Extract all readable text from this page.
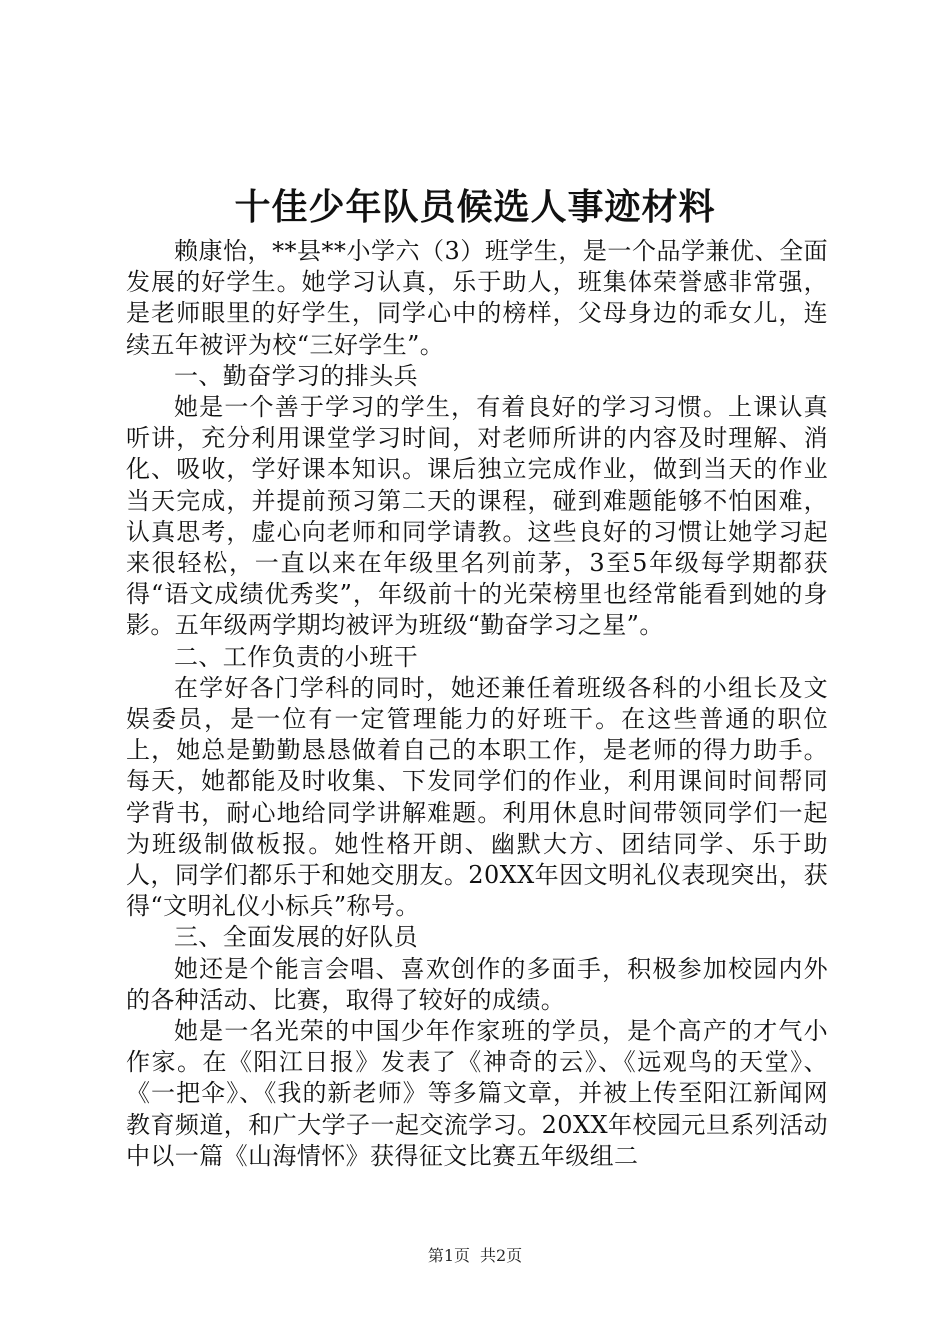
十佳少年队员候选人事迹材料

赖康怡，**县**小学六（3）班学生，是一个品学兼优、全面发展的好学生。她学习认真，乐于助人，班集体荣誉感非常强，是老师眼里的好学生，同学心中的榜样，父母身边的乖女儿，连续五年被评为校“三好学生”。

一、勤奋学习的排头兵

她是一个善于学习的学生，有着良好的学习习惯。上课认真听讲，充分利用课堂学习时间，对老师所讲的内容及时理解、消化、吸收，学好课本知识。课后独立完成作业，做到当天的作业当天完成，并提前预习第二天的课程，碰到难题能够不怕困难，认真思考，虚心向老师和同学请教。这些良好的习惯让她学习起来很轻松，一直以来在年级里名列前茅，3至5年级每学期都获得“语文成绩优秀奖”，年级前十的光荣榜里也经常能看到她的身影。五年级两学期均被评为班级“勤奋学习之星”。

二、工作负责的小班干

在学好各门学科的同时，她还兼任着班级各科的小组长及文娱委员，是一位有一定管理能力的好班干。在这些普通的职位上，她总是勤勤恳恳做着自己的本职工作，是老师的得力助手。每天，她都能及时收集、下发同学们的作业，利用课间时间帮同学背书，耐心地给同学讲解难题。利用休息时间带领同学们一起为班级制做板报。她性格开朗、幽默大方、团结同学、乐于助人，同学们都乐于和她交朋友。20XX年因文明礼仪表现突出，获得“文明礼仪小标兵”称号。

三、全面发展的好队员

她还是个能言会唱、喜欢创作的多面手，积极参加校园内外的各种活动、比赛，取得了较好的成绩。

她是一名光荣的中国少年作家班的学员，是个高产的才气小作家。在《阳江日报》发表了《神奇的云》、《远观鸟的天堂》、《一把伞》、《我的新老师》等多篇文章，并被上传至阳江新闻网教育频道，和广大学子一起交流学习。20XX年校园元旦系列活动中以一篇《山海情怀》获得征文比赛五年级组二

第1页 共2页
